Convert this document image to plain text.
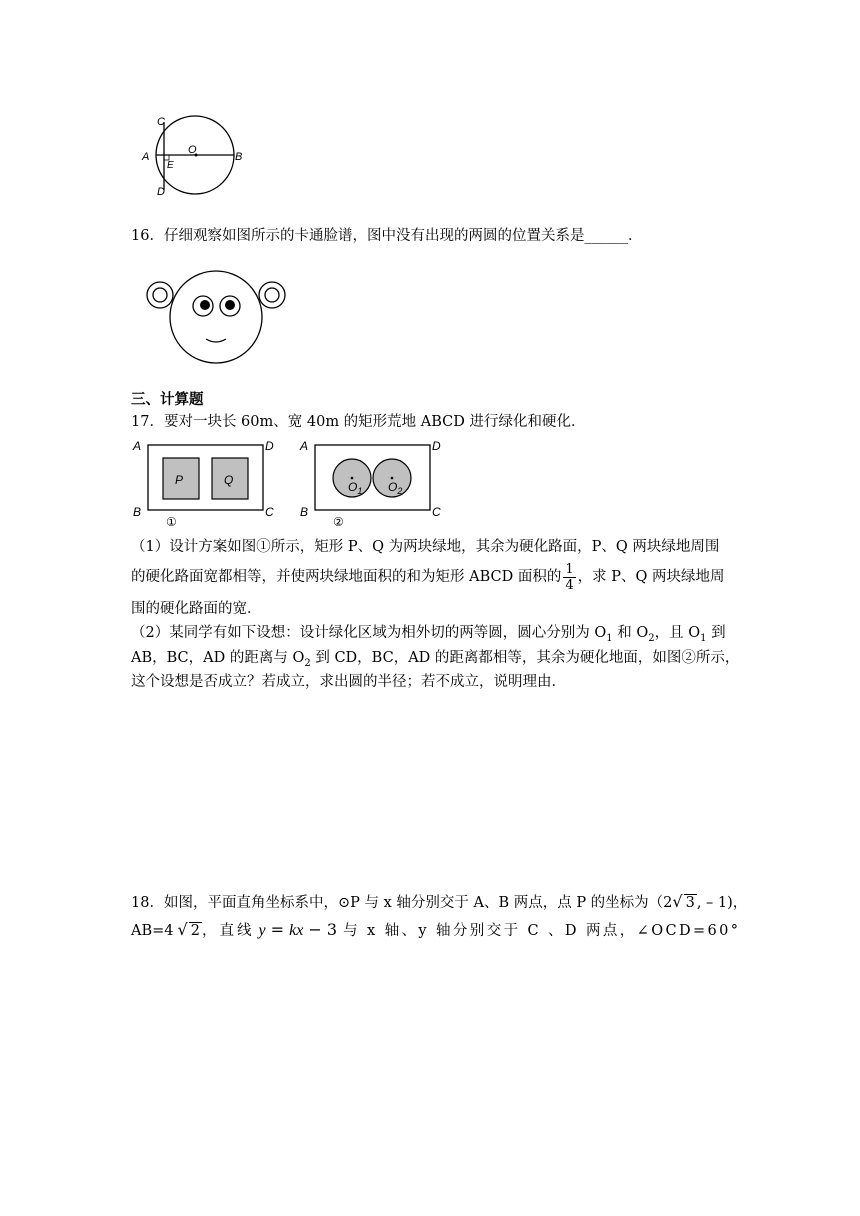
C
A
E
O
B
D
16．仔细观察如图所示的卡通脸谱，图中没有出现的两圆的位置关系是______．
三、计算题
17．要对一块长 60m、宽 40m 的矩形荒地 ABCD 进行绿化和硬化．
A	D
B	C
P	Q
①
A	D
B	C
$O_1$ $O_2$
②
（1）设计方案如图①所示，矩形 P、Q 为两块绿地，其余为硬化路面，P、Q 两块绿地周围
的硬化路面宽都相等，并使两块绿地面积的和为矩形 ABCD 面积的 $\frac{1}{4}$ ，求 P、Q 两块绿地周
围的硬化路面的宽．
（2）某同学有如下设想：设计绿化区域为相外切的两等圆，圆心分别为 $O_1$ 和 $O_2$，且 $O_1$ 到
AB，BC，AD 的距离与 $O_2$ 到 CD，BC，AD 的距离都相等，其余为硬化地面，如图②所示，
这个设想是否成立？若成立，求出圆的半径；若不成立，说明理由．
18．如图，平面直角坐标系中，⊙P 与 x 轴分别交于 A、B 两点，点 P 的坐标为（2√ 3 , – 1)，
AB=4 √ 2 ，直线 y = kx − 3 与 x 轴、y 轴分别交于 C 、D 两点，∠OCD=60°
